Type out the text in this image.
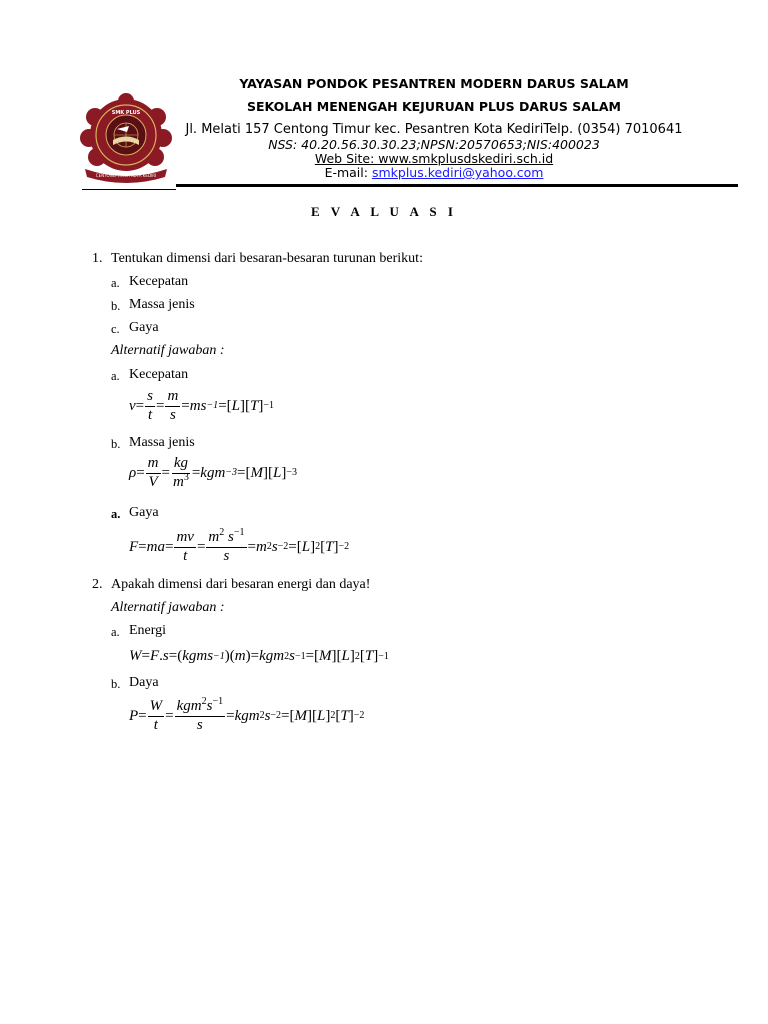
SMK PLUS
CENTONG TIMUR KOTA KEDIRI
YAYASAN PONDOK PESANTREN MODERN DARUS SALAM
SEKOLAH MENENGAH KEJURUAN PLUS DARUS SALAM
Jl. Melati 157 Centong Timur kec. Pesantren Kota KediriTelp. (0354) 7010641
NSS: 40.20.56.30.30.23;NPSN:20570653;NIS:400023
Web Site: www.smkplusdskediri.sch.id
E-mail: smkplus.kediri@yahoo.com
E V A L U A S I
1. Tentukan dimensi dari besaran-besaran turunan berikut:
a. Kecepatan
b. Massa jenis
c. Gaya
Alternatif jawaban :
a. Kecepatan
$v = \frac{s}{t} = \frac{m}{s}$ = ms −1 =[ L ][ T ] −1
b. Massa jenis
$\rho = \frac{m}{V} = \frac{kg}{m^3}$ = kgm −3 =[ M ][ L ] −3
a. Gaya
F = ma = $\frac{mv}{t} = \frac{m^2 s^{-1}}{s} = m$ 2 s −2 =[ L ] 2 [ T ] −2
2. Apakah dimensi dari besaran energi dan daya!
Alternatif jawaban :
a. Energi
W = F . s =( kgms −1 )( m )= kgm 2 s −1 =[ M ][ L ] 2 [ T ] −1
b. Daya
$P = \frac{W}{t} = \frac{kgm^2s^{-1}}{s}$ = kgm 2 s −2 =[ M ][ L ] 2 [ T ] −2
